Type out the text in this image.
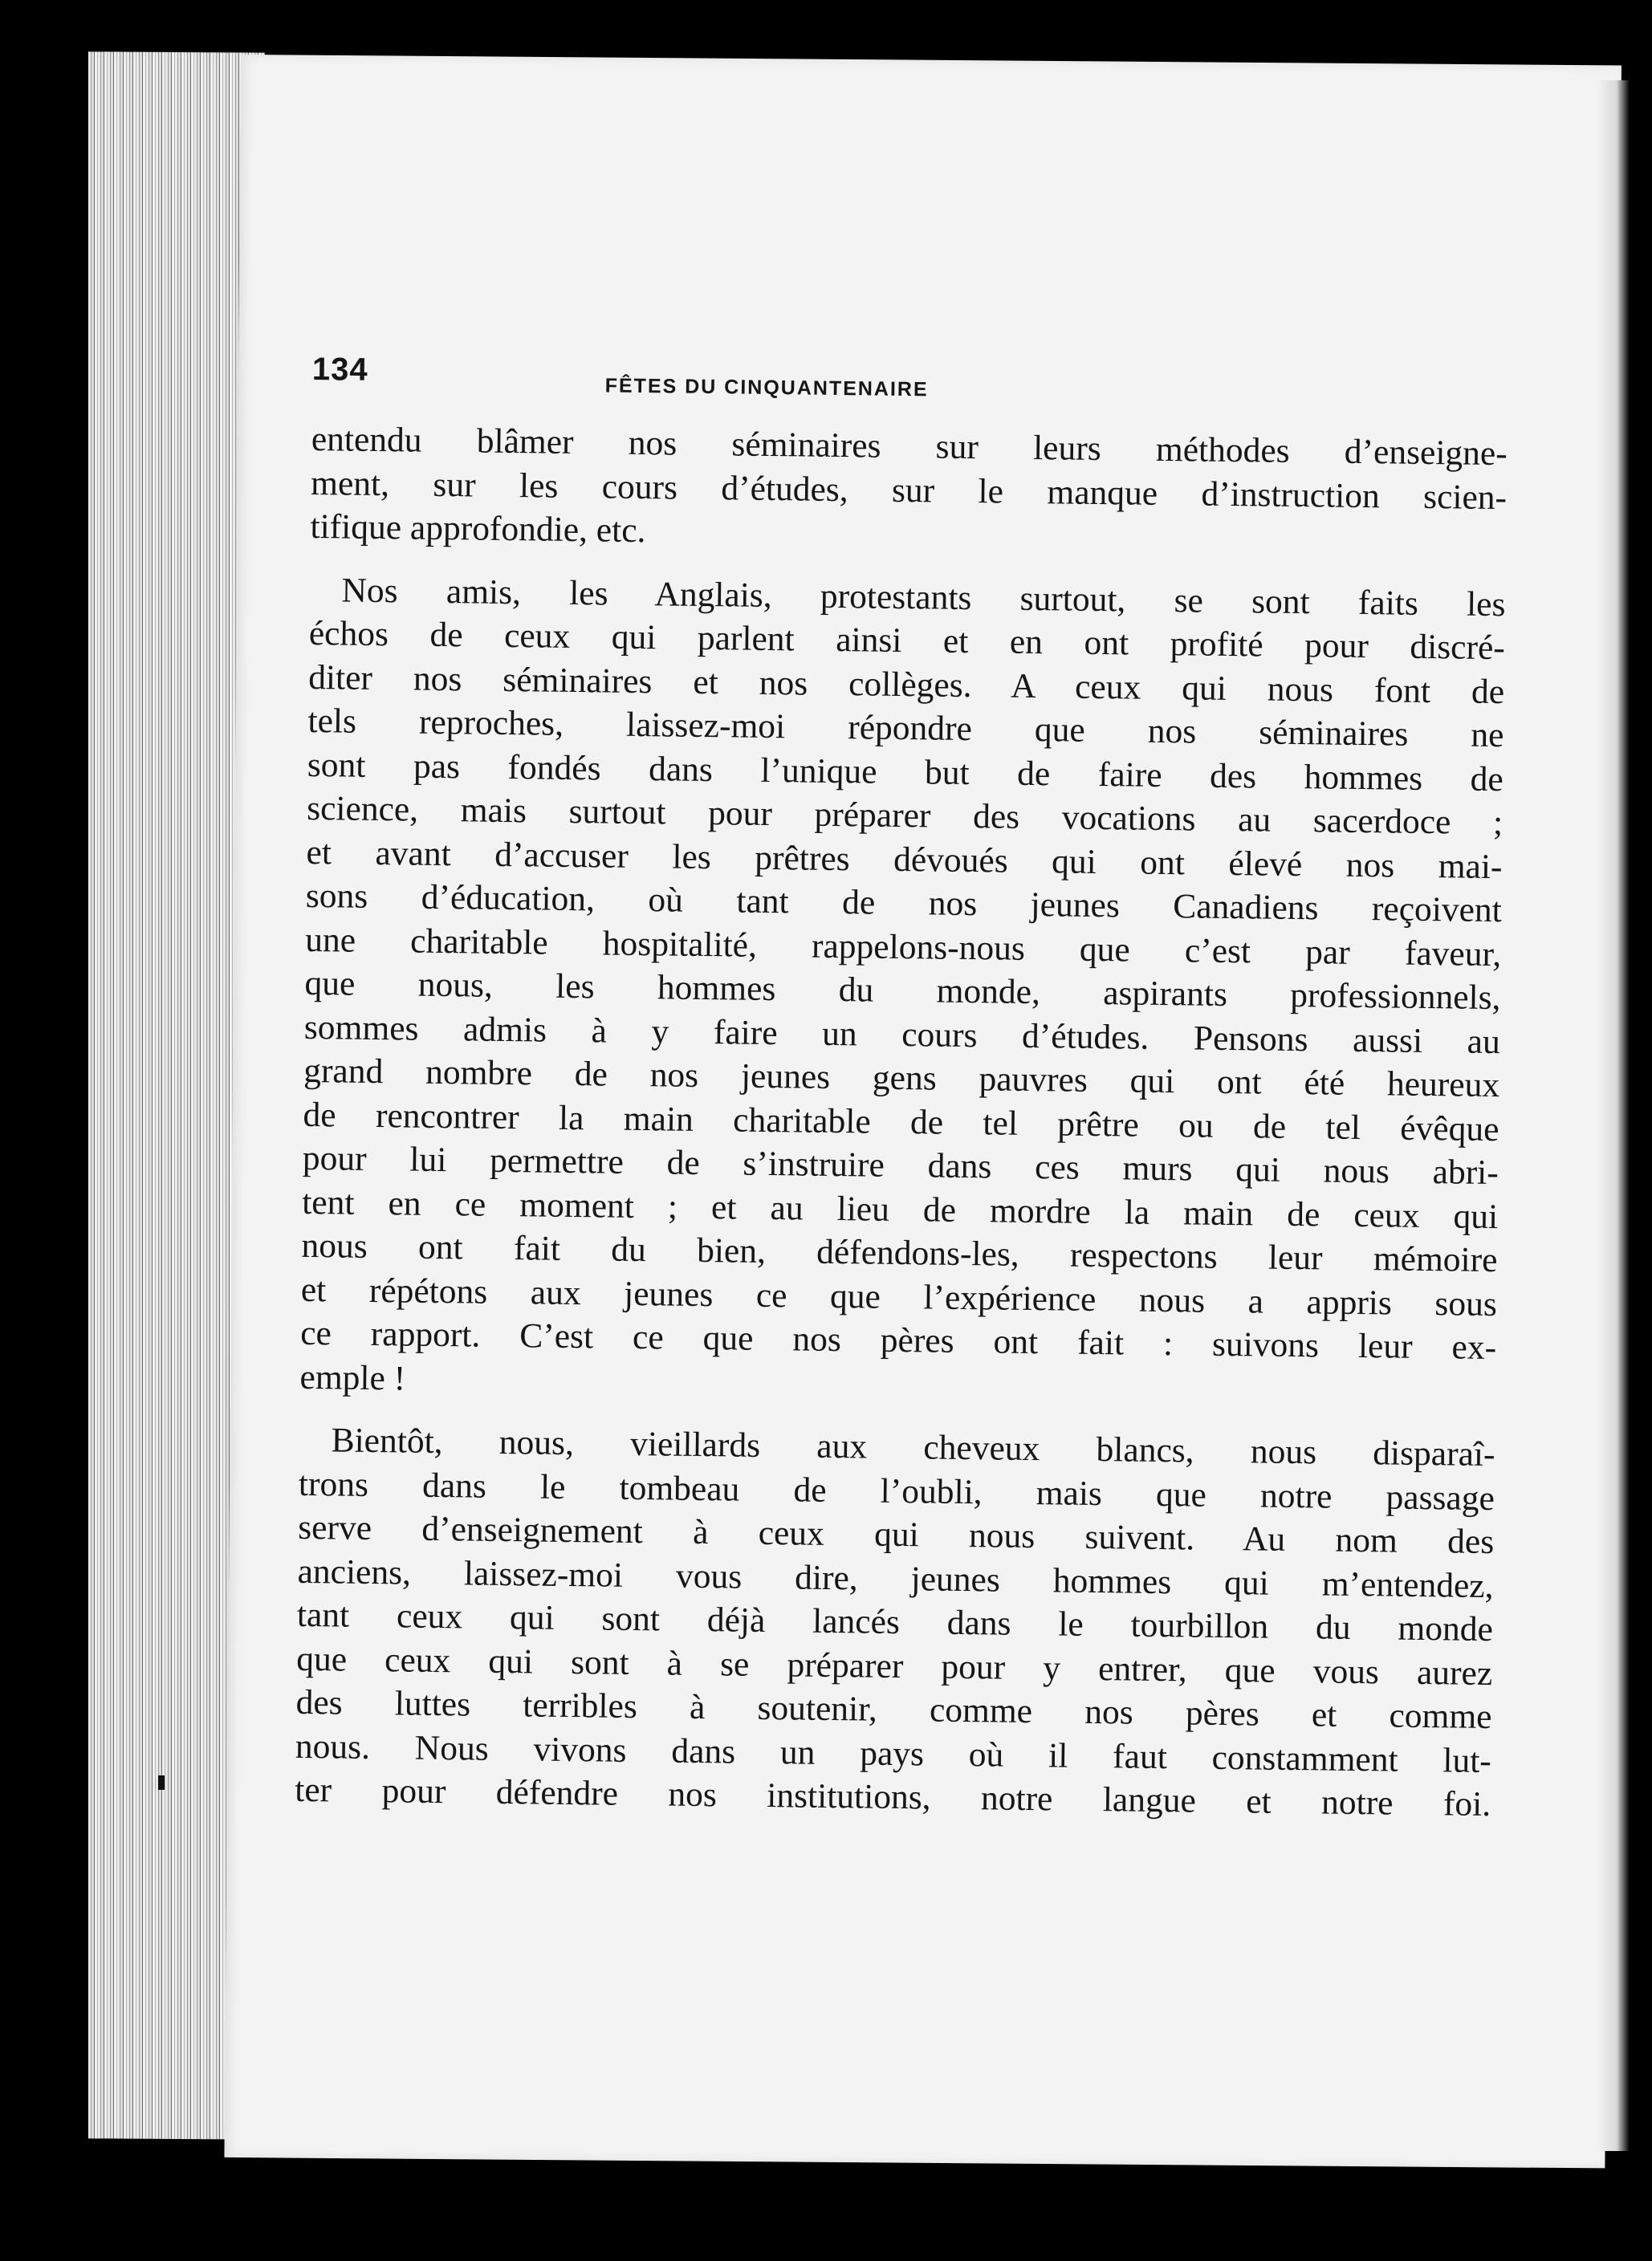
134
FÊTES DU CINQUANTENAIRE

entendu blâmer nos séminaires sur leurs méthodes d’enseigne-
ment, sur les cours d’études, sur le manque d’instruction scien-
tifique approfondie, etc.

Nos amis, les Anglais, protestants surtout, se sont faits les
échos de ceux qui parlent ainsi et en ont profité pour discré-
diter nos séminaires et nos collèges. A ceux qui nous font de
tels reproches, laissez-moi répondre que nos séminaires ne
sont pas fondés dans l’unique but de faire des hommes de
science, mais surtout pour préparer des vocations au sacerdoce ;
et avant d’accuser les prêtres dévoués qui ont élevé nos mai-
sons d’éducation, où tant de nos jeunes Canadiens reçoivent
une charitable hospitalité, rappelons-nous que c’est par faveur,
que nous, les hommes du monde, aspirants professionnels,
sommes admis à y faire un cours d’études. Pensons aussi au
grand nombre de nos jeunes gens pauvres qui ont été heureux
de rencontrer la main charitable de tel prêtre ou de tel évêque
pour lui permettre de s’instruire dans ces murs qui nous abri-
tent en ce moment ; et au lieu de mordre la main de ceux qui
nous ont fait du bien, défendons-les, respectons leur mémoire
et répétons aux jeunes ce que l’expérience nous a appris sous
ce rapport. C’est ce que nos pères ont fait : suivons leur ex-
emple !

Bientôt, nous, vieillards aux cheveux blancs, nous disparaî-
trons dans le tombeau de l’oubli, mais que notre passage
serve d’enseignement à ceux qui nous suivent. Au nom des
anciens, laissez-moi vous dire, jeunes hommes qui m’entendez,
tant ceux qui sont déjà lancés dans le tourbillon du monde
que ceux qui sont à se préparer pour y entrer, que vous aurez
des luttes terribles à soutenir, comme nos pères et comme
nous. Nous vivons dans un pays où il faut constamment lut-
ter pour défendre nos institutions, notre langue et notre foi.
